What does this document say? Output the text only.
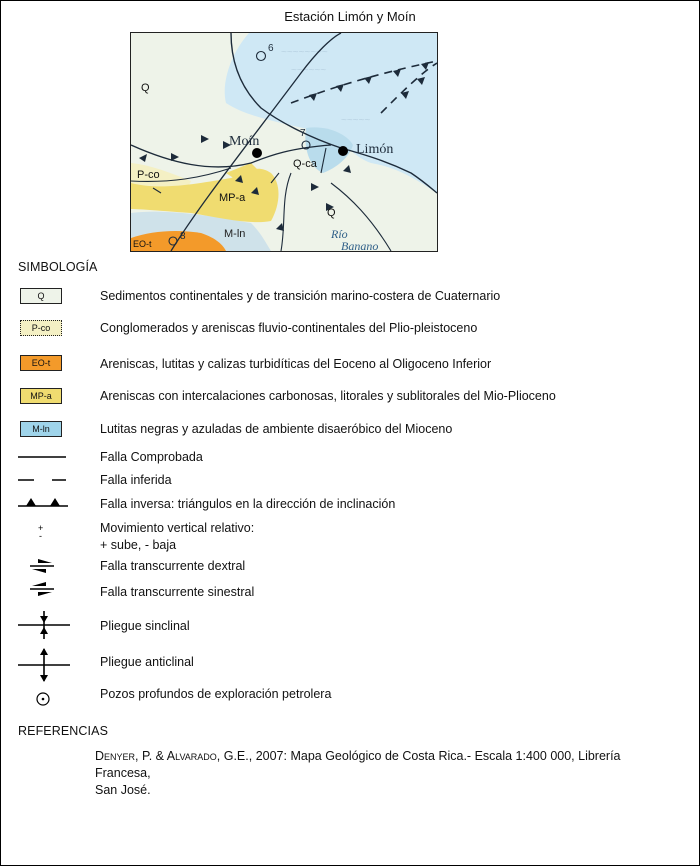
Estación Limón y Moín
~~~~~~~~
~~~~~~
~~~~~
Moín
Limón
6
7
8
Q
Q
P-co
MP-a
Q-ca
M-ln
EO-t
Río
Banano
SIMBOLOGÍA
Q	Sedimentos continentales y de transición marino-costera de Cuaternario
P-co	Conglomerados y areniscas fluvio-continentales del Plio-pleistoceno
EO-t	Areniscas, lutitas y calizas turbidíticas del Eoceno al Oligoceno Inferior
MP-a	Areniscas con intercalaciones carbonosas, litorales y sublitorales del Mio-Plioceno
M-ln	Lutitas negras y azuladas de ambiente disaeróbico del Mioceno
Falla Comprobada
Falla inferida
Falla inversa: triángulos en la dirección de inclinación
+
-
Movimiento vertical relativo:
+ sube, - baja
Falla transcurrente dextral
Falla transcurrente sinestral
Pliegue sinclinal
Pliegue anticlinal
Pozos profundos de exploración petrolera
REFERENCIAS
Denyer, P. & Alvarado, G.E., 2007: Mapa Geológico de Costa Rica.- Escala 1:400 000, Librería Francesa,
San José.
